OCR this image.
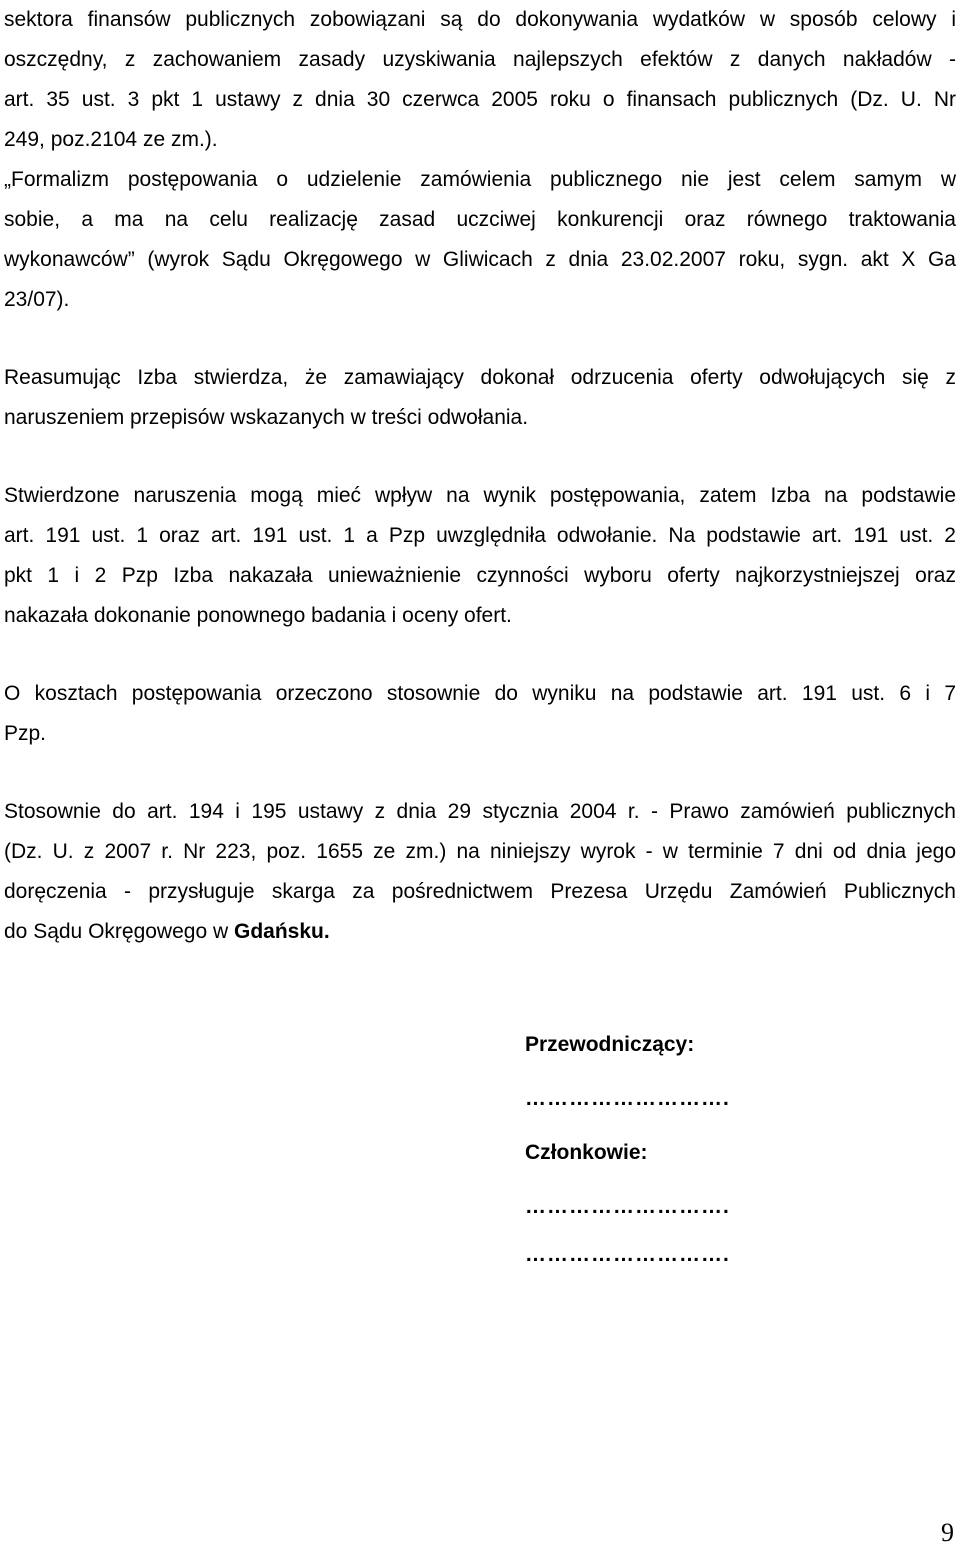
sektora finansów publicznych zobowiązani są do dokonywania wydatków w sposób celowy i
oszczędny, z zachowaniem zasady uzyskiwania najlepszych efektów z danych nakładów -
art. 35 ust. 3 pkt 1 ustawy z dnia 30 czerwca 2005 roku o finansach publicznych (Dz. U. Nr
249, poz.2104 ze zm.).

„Formalizm postępowania o udzielenie zamówienia publicznego nie jest celem samym w
sobie, a ma na celu realizację zasad uczciwej konkurencji oraz równego traktowania
wykonawców” (wyrok Sądu Okręgowego w Gliwicach z dnia 23.02.2007 roku, sygn. akt X Ga
23/07).

Reasumując Izba stwierdza, że zamawiający dokonał odrzucenia oferty odwołujących się z
naruszeniem przepisów wskazanych w treści odwołania.

Stwierdzone naruszenia mogą mieć wpływ na wynik postępowania, zatem Izba na podstawie
art. 191 ust. 1 oraz art. 191 ust. 1 a Pzp uwzględniła odwołanie. Na podstawie art. 191 ust. 2
pkt 1 i 2 Pzp Izba nakazała unieważnienie czynności wyboru oferty najkorzystniejszej oraz
nakazała dokonanie ponownego badania i oceny ofert.

O kosztach postępowania orzeczono stosownie do wyniku na podstawie art. 191 ust. 6 i 7
Pzp.

Stosownie do art. 194 i 195 ustawy z dnia 29 stycznia 2004 r. - Prawo zamówień publicznych
(Dz. U. z 2007 r. Nr 223, poz. 1655 ze zm.) na niniejszy wyrok - w terminie 7 dni od dnia jego
doręczenia - przysługuje skarga za pośrednictwem Prezesa Urzędu Zamówień Publicznych
do Sądu Okręgowego w Gdańsku.

Przewodniczący:
……………………….
Członkowie:
……………………….
……………………….
9
